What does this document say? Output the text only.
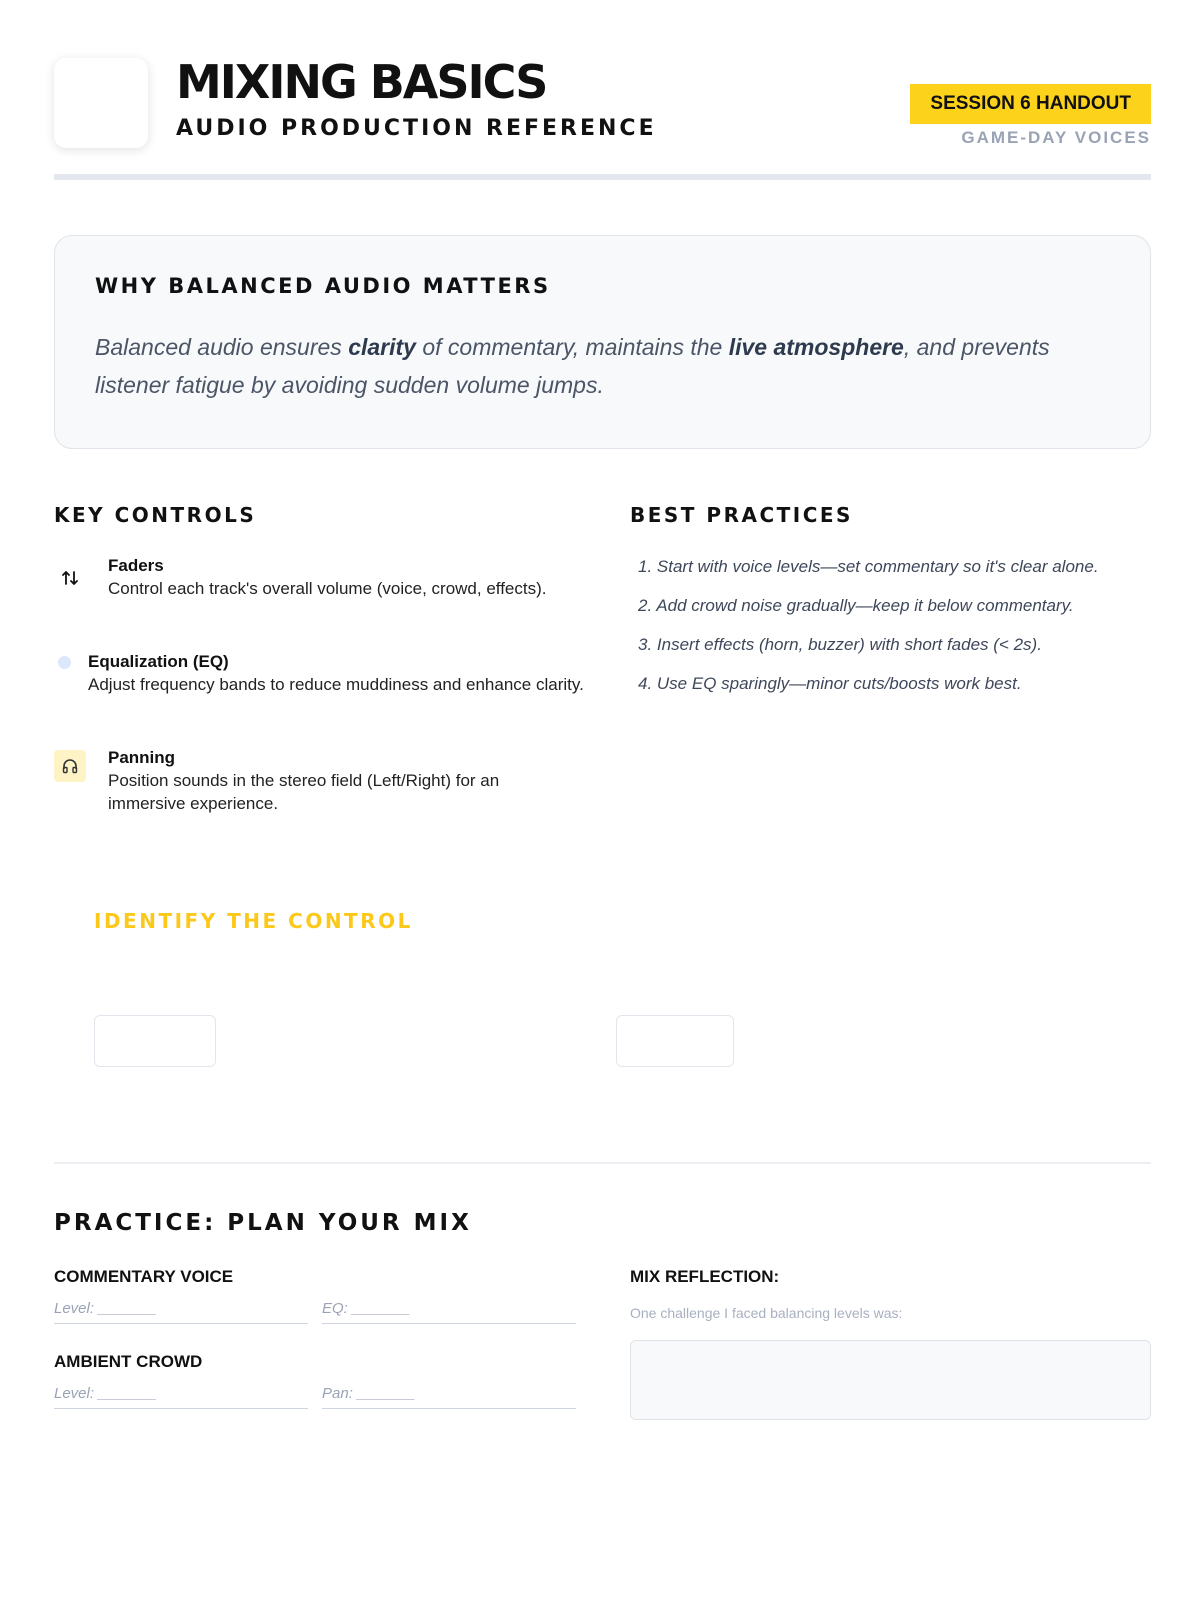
MIXING BASICS
AUDIO PRODUCTION REFERENCE
SESSION 6 HANDOUT
GAME-DAY VOICES
WHY BALANCED AUDIO MATTERS

Balanced audio ensures clarity of commentary, maintains the live atmosphere, and prevents listener fatigue by avoiding sudden volume jumps.

KEY CONTROLS
Faders
Control each track's overall volume (voice, crowd, effects).
Equalization (EQ)
Adjust frequency bands to reduce muddiness and enhance clarity.
Panning
Position sounds in the stereo field (Left/Right) for an immersive experience.
BEST PRACTICES
1. Start with voice levels—set commentary so it's clear alone.
2. Add crowd noise gradually—keep it below commentary.
3. Insert effects (horn, buzzer) with short fades (< 2s).
4. Use EQ sparingly—minor cuts/boosts work best.
IDENTIFY THE CONTROL
PRACTICE: PLAN YOUR MIX
COMMENTARY VOICE
Level: _______	EQ: _______
AMBIENT CROWD
Level: _______	Pan: _______
MIX REFLECTION:
One challenge I faced balancing levels was:
